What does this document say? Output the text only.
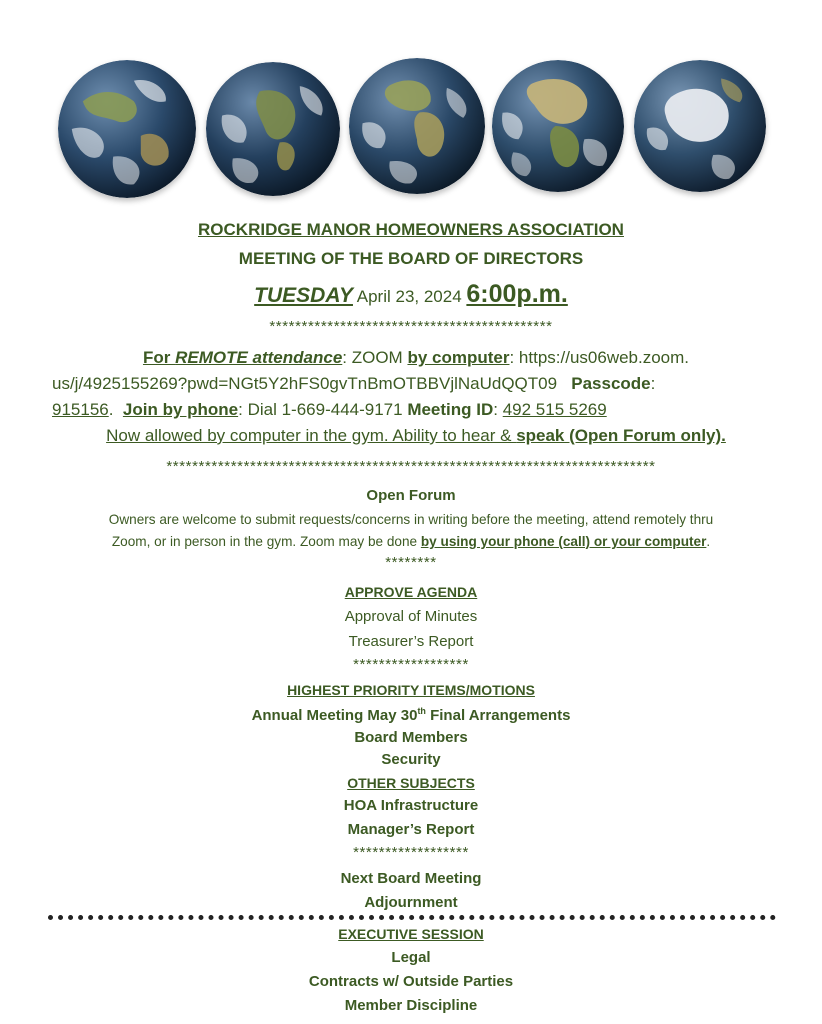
ROCKRIDGE MANOR HOMEOWNERS ASSOCIATION
MEETING OF THE BOARD OF DIRECTORS
TUESDAY April 23, 2024 6:00p.m.
********************************************
For REMOTE attendance: ZOOM by computer: https://us06web.zoom.
us/j/4925155269?pwd=NGt5Y2hFS0gvTnBmOTBBVjlNaUdQQT09 Passcode:
915156.  Join by phone: Dial 1-669-444-9171 Meeting ID: 492 515 5269
Now allowed by computer in the gym. Ability to hear & speak (Open Forum only).
****************************************************************************
Open Forum
Owners are welcome to submit requests/concerns in writing before the meeting, attend remotely thru
Zoom, or in person in the gym. Zoom may be done by using your phone (call) or your computer.
********
APPROVE AGENDA
Approval of Minutes
Treasurer’s Report
******************
HIGHEST PRIORITY ITEMS/MOTIONS
Annual Meeting May 30th Final Arrangements
Board Members
Security
OTHER SUBJECTS
HOA Infrastructure
Manager’s Report
******************
Next Board Meeting
Adjournment
EXECUTIVE SESSION
Legal
Contracts w/ Outside Parties
Member Discipline
